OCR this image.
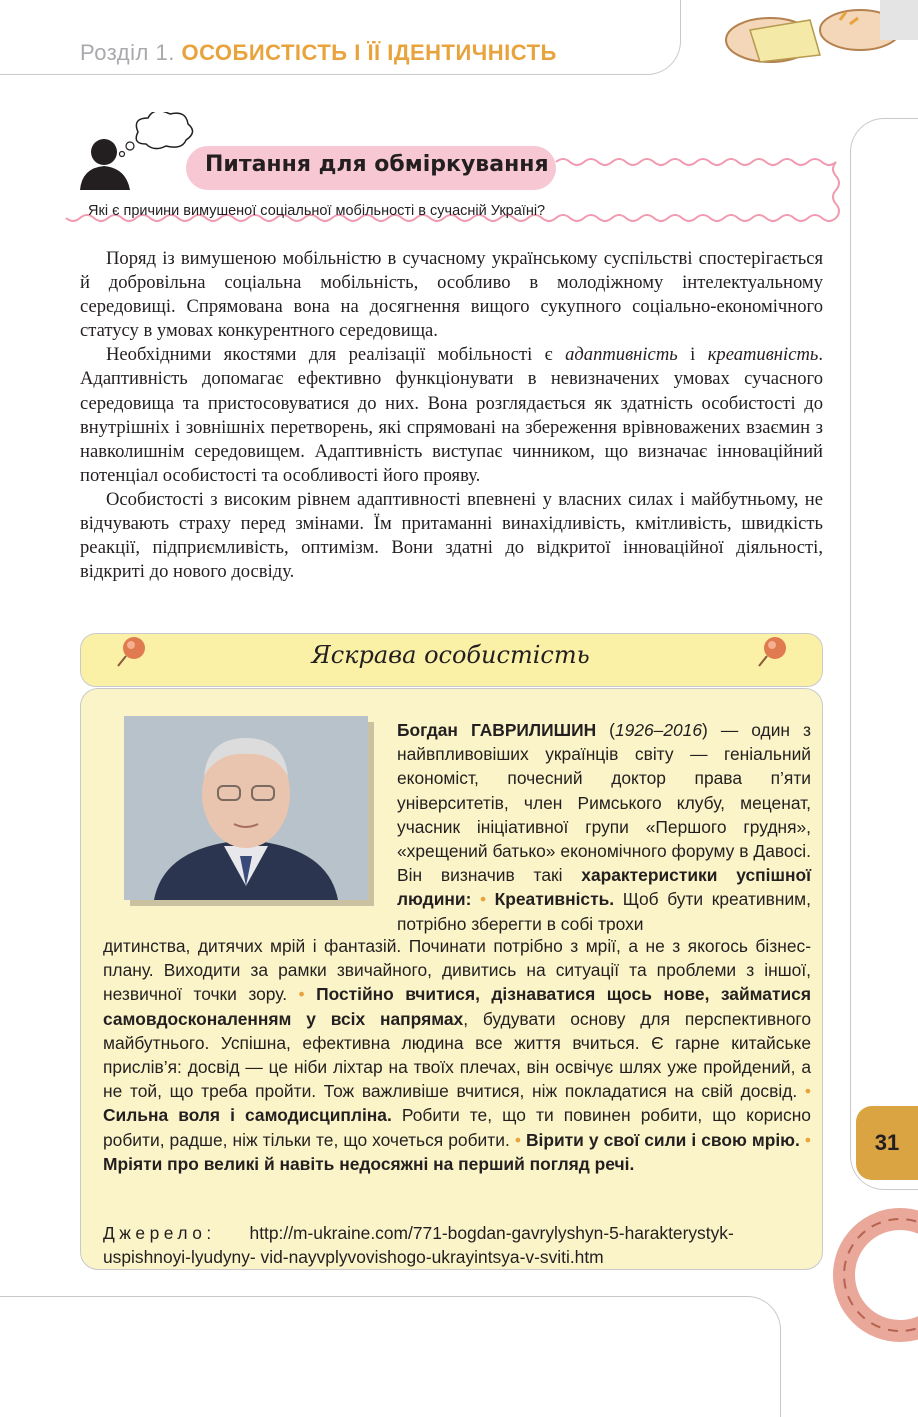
Розділ 1. ОСОБИСТІСТЬ І ЇЇ ІДЕНТИЧНІСТЬ
31
Питання для обміркування
Які є причини вимушеної соціальної мобільності в сучасній Україні?

Поряд із вимушеною мобільністю в сучасному українському суспільстві спостерігається й добровільна соціальна мобільність, особливо в молодіжному інтелектуальному середовищі. Спрямована вона на досягнення вищого сукупного соціально-економічного статусу в умовах конкурентного середовища.

Необхідними якостями для реалізації мобільності є адаптивність і креативність. Адаптивність допомагає ефективно функціонувати в невизначених умовах сучасного середовища та пристосовуватися до них. Вона розглядається як здатність особистості до внутрішніх і зовнішніх перетворень, які спрямовані на збереження врівноважених взаємин з навколишнім середовищем. Адаптивність виступає чинником, що визначає інноваційний потенціал особистості та особливості його прояву.

Особистості з високим рівнем адаптивності впевнені у власних силах і майбутньому, не відчувають страху перед змінами. Їм притаманні винахідливість, кмітливість, швидкість реакції, підприємливість, оптимізм. Вони здатні до відкритої інноваційної діяльності, відкриті до нового досвіду.

Яскрава особистість
Богдан ГАВРИЛИШИН (1926–2016) — один з найвпливовіших українців світу — геніальний економіст, почесний доктор права п’яти університетів, член Римського клубу, меценат, учасник ініціативної групи «Першого грудня», «хрещений батько» економічного форуму в Давосі. Він визначив такі характеристики успішної людини: • Креативність. Щоб бути креативним, потрібно зберегти в собі трохи
дитинства, дитячих мрій і фантазій. Починати потрібно з мрії, а не з якогось бізнес-плану. Виходити за рамки звичайного, дивитись на ситуації та проблеми з іншої, незвичної точки зору. • Постійно вчитися, дізнаватися щось нове, займатися самовдосконаленням у всіх напрямах, будувати основу для перспективного майбутнього. Успішна, ефективна людина все життя вчиться. Є гарне китайське прислів’я: досвід — це ніби ліхтар на твоїх плечах, він освічує шлях уже пройдений, а не той, що треба пройти. Тож важливіше вчитися, ніж покладатися на свій досвід. • Сильна воля і самодисципліна. Робити те, що ти повинен робити, що корисно робити, радше, ніж тільки те, що хочеться робити. • Вірити у свої сили і свою мрію. • Мріяти про великі й навіть недосяжні на перший погляд речі.
Джерело: http://m-ukraine.com/771-bogdan-gavrylyshyn-5-harakterystyk-uspishnoyi-lyudyny- vid-nayvplyvovishogo-ukrayintsya-v-sviti.htm
